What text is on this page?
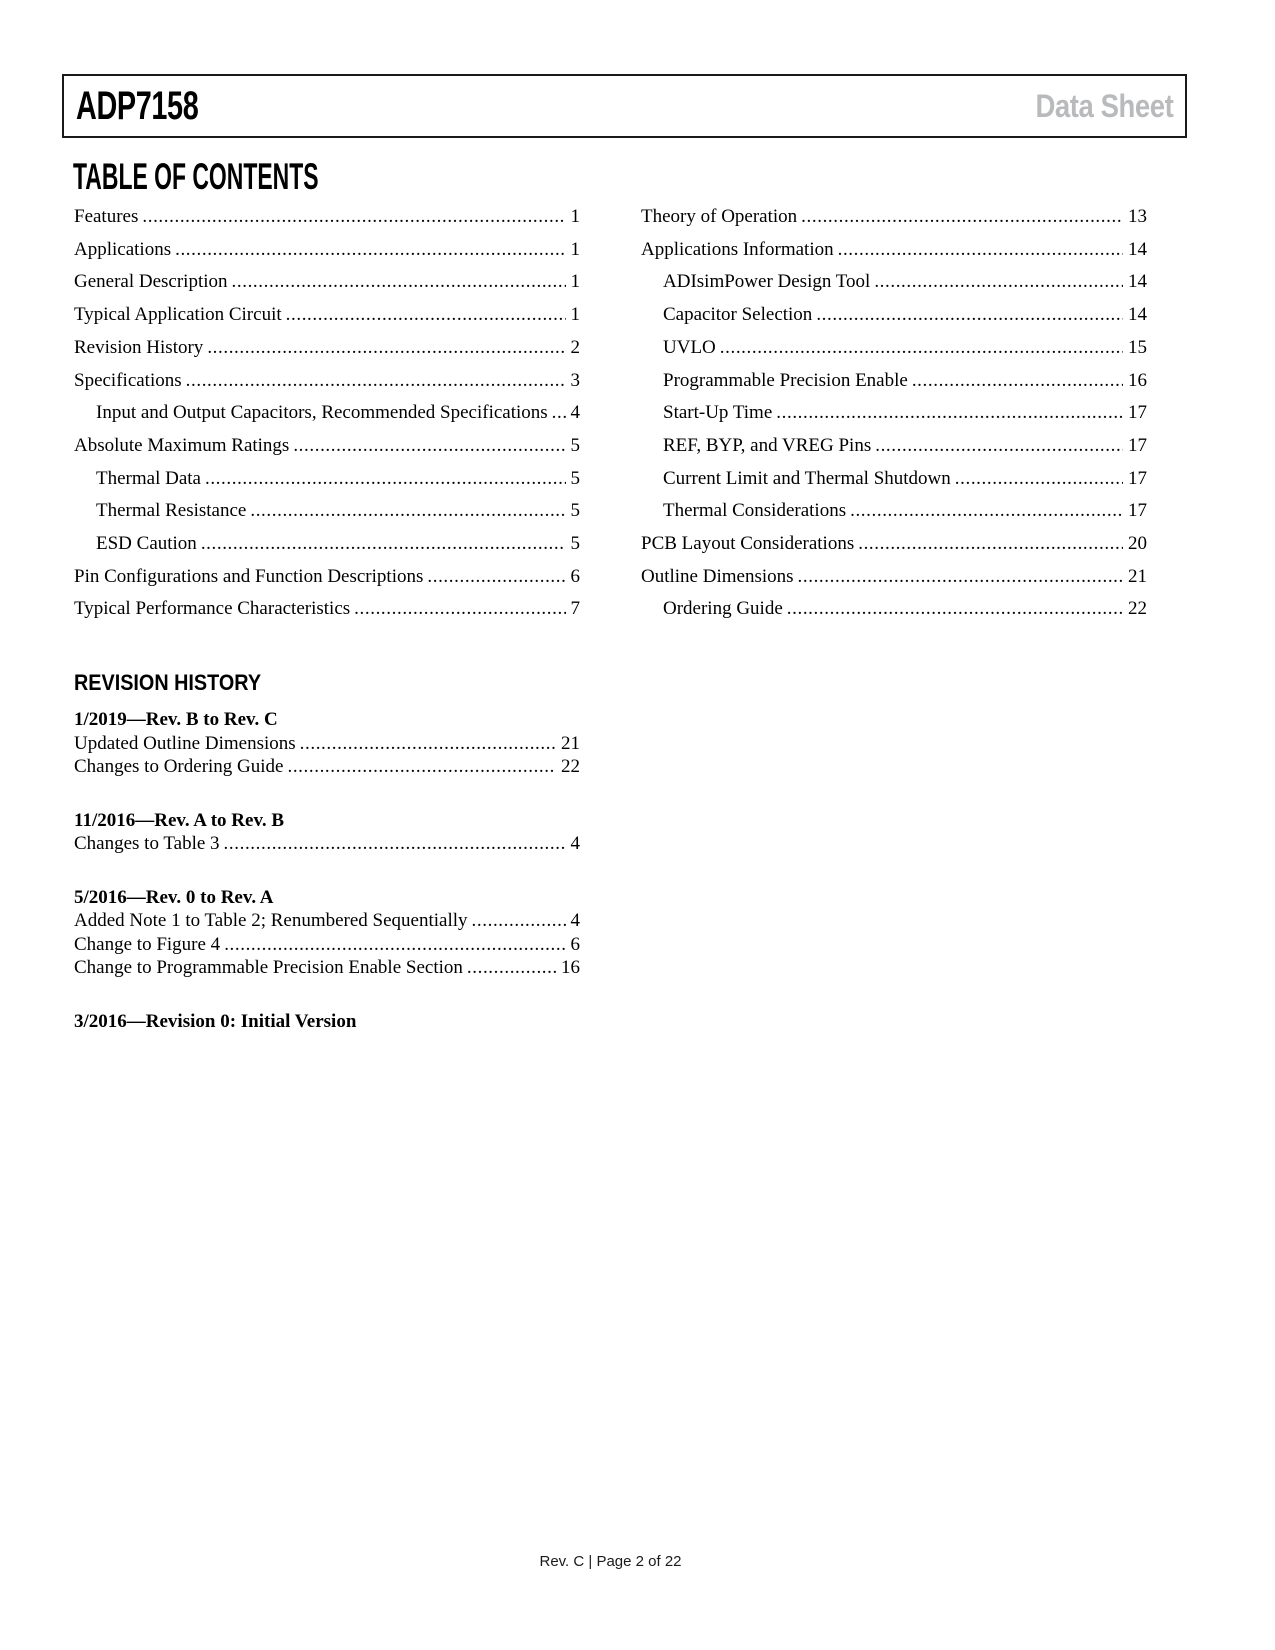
ADP7158	Data Sheet
TABLE OF CONTENTS
Features .....	1
Applications .....	1
General Description .....	1
Typical Application Circuit .....	1
Revision History .....	2
Specifications .....	3
Input and Output Capacitors, Recommended Specifications ..... 4
Absolute Maximum Ratings .....	5
Thermal Data .....	5
Thermal Resistance .....	5
ESD Caution .....	5
Pin Configurations and Function Descriptions .....	6
Typical Performance Characteristics .....	7
Theory of Operation .....	13
Applications Information .....	14
ADIsimPower Design Tool .....	14
Capacitor Selection .....	14
UVLO .....	15
Programmable Precision Enable .....	16
Start-Up Time .....	17
REF, BYP, and VREG Pins .....	17
Current Limit and Thermal Shutdown .....	17
Thermal Considerations .....	17
PCB Layout Considerations .....	20
Outline Dimensions .....	21
Ordering Guide .....	22
REVISION HISTORY
1/2019—Rev. B to Rev. C
Updated Outline Dimensions .....	21
Changes to Ordering Guide .....	22
11/2016—Rev. A to Rev. B
Changes to Table 3 .....	4
5/2016—Rev. 0 to Rev. A
Added Note 1 to Table 2; Renumbered Sequentially .....	4
Change to Figure 4 .....	6
Change to Programmable Precision Enable Section .....	16
3/2016—Revision 0: Initial Version
Rev. C | Page 2 of 22
